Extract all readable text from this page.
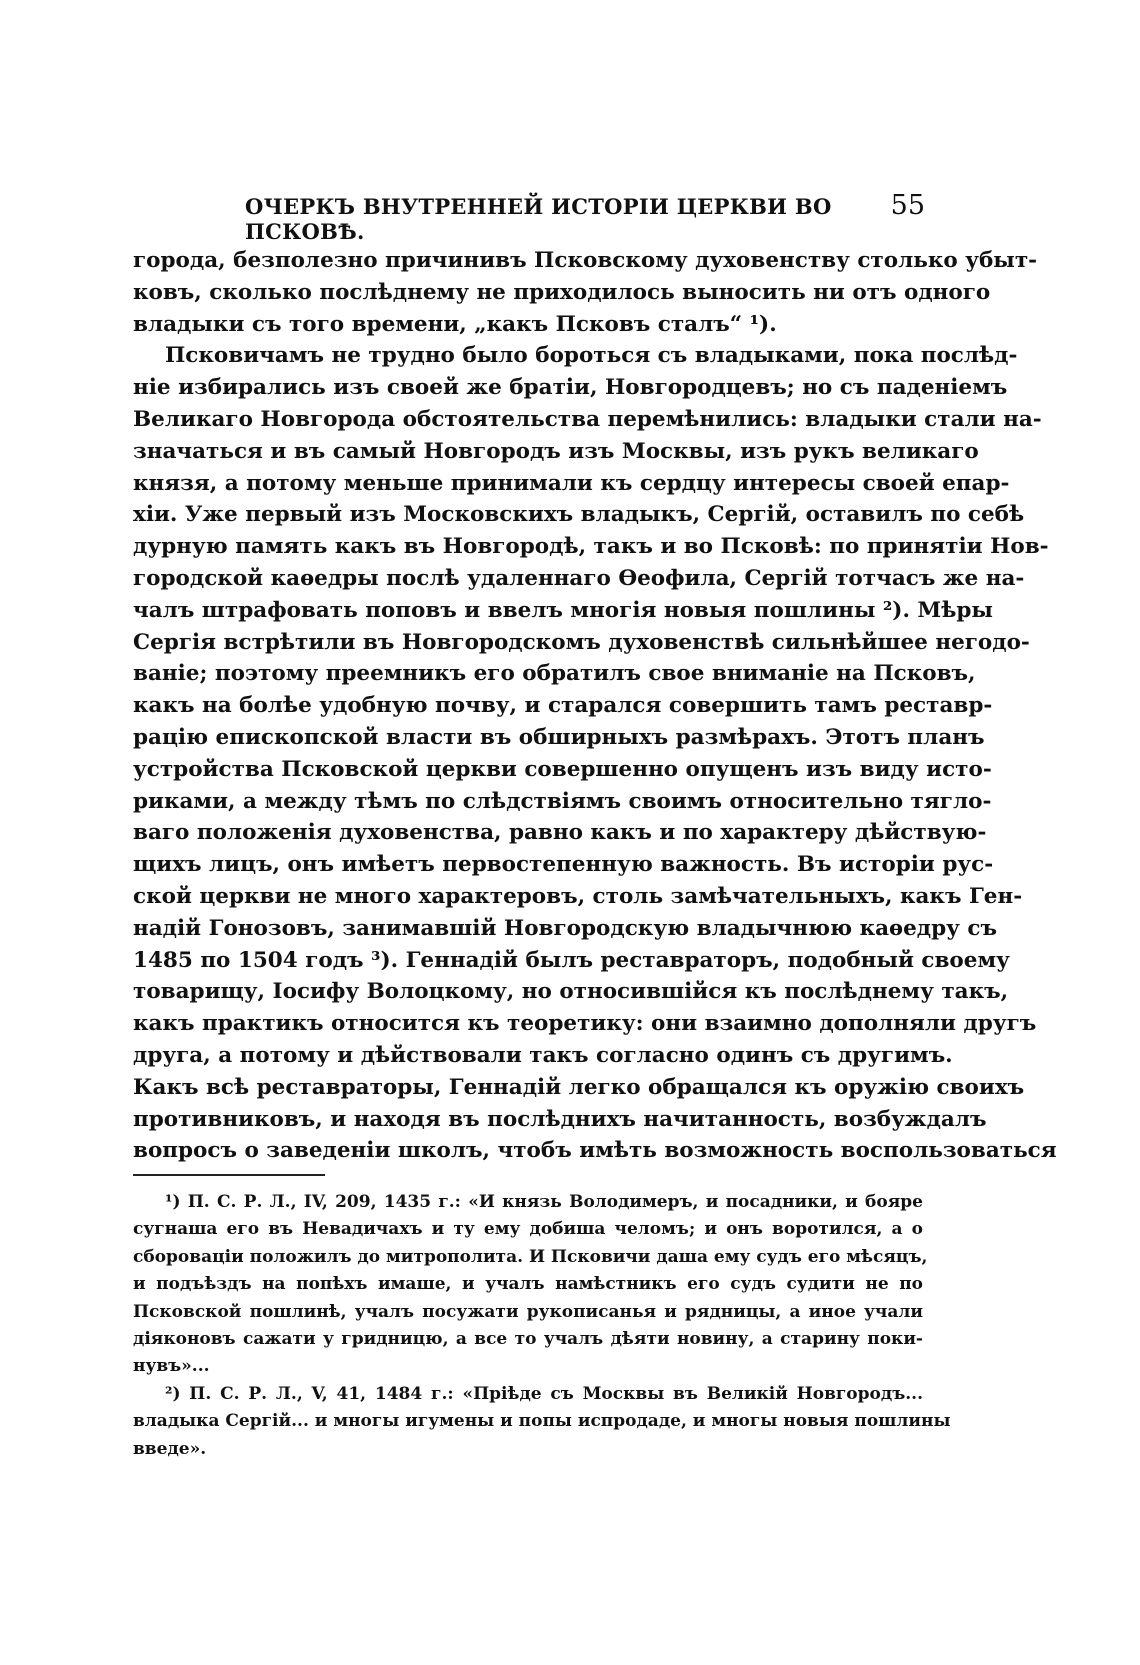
ОЧЕРКЪ ВНУТРЕННЕЙ ИСТОРІИ ЦЕРКВИ ВО ПСКОВѢ.
55
города, безполезно причинивъ Псковскому духовенству столько убыт-
ковъ, сколько послѣднему не приходилось выносить ни отъ одного
владыки съ того времени, „какъ Псковъ сталъ“ ¹).
Псковичамъ не трудно было бороться съ владыками, пока послѣд-
ніе избирались изъ своей же братіи, Новгородцевъ; но съ паденіемъ
Великаго Новгорода обстоятельства перемѣнились: владыки стали на-
значаться и въ самый Новгородъ изъ Москвы, изъ рукъ великаго
князя, а потому меньше принимали къ сердцу интересы своей епар-
хіи. Уже первый изъ Московскихъ владыкъ, Сергій, оставилъ по себѣ
дурную память какъ въ Новгородѣ, такъ и во Псковѣ: по принятіи Нов-
городской каѳедры послѣ удаленнаго Ѳеофила, Сергій тотчасъ же на-
чалъ штрафовать поповъ и ввелъ многія новыя пошлины ²). Мѣры
Сергія встрѣтили въ Новгородскомъ духовенствѣ сильнѣйшее негодо-
ваніе; поэтому преемникъ его обратилъ свое вниманіе на Псковъ,
какъ на болѣе удобную почву, и старался совершить тамъ реставр-
рацію епископской власти въ обширныхъ размѣрахъ. Этотъ планъ
устройства Псковской церкви совершенно опущенъ изъ виду исто-
риками, а между тѣмъ по слѣдствіямъ своимъ относительно тягло-
ваго положенія духовенства, равно какъ и по характеру дѣйствую-
щихъ лицъ, онъ имѣетъ первостепенную важность. Въ исторіи рус-
ской церкви не много характеровъ, столь замѣчательныхъ, какъ Ген-
надій Гонозовъ, занимавшій Новгородскую владычнюю каѳедру съ
1485 по 1504 годъ ³). Геннадій былъ реставраторъ, подобный своему
товарищу, Іосифу Волоцкому, но относившійся къ послѣднему такъ,
какъ практикъ относится къ теоретику: они взаимно дополняли другъ
друга, а потому и дѣйствовали такъ согласно одинъ съ другимъ.
Какъ всѣ реставраторы, Геннадій легко обращался къ оружію своихъ
противниковъ, и находя въ послѣднихъ начитанность, возбуждалъ
вопросъ о заведеніи школъ, чтобъ имѣть возможность воспользоваться
¹) П. С. Р. Л., IV, 209, 1435 г.: «И князь Володимеръ, и посадники, и бояре
сугнаша его въ Невадичахъ и ту ему добиша челомъ; и онъ воротился, а о
сбороваціи положилъ до митрополита. И Псковичи даша ему судъ его мѣсяцъ,
и подъѣздъ на попѣхъ имаше, и учалъ намѣстникъ его судъ судити не по
Псковской пошлинѣ, учалъ посужати рукописанья и рядницы, а иное учали
діяконовъ сажати у гридницю, а все то учалъ дѣяти новину, а старину поки-
нувъ»...
²) П. С. Р. Л., V, 41, 1484 г.: «Пріѣде съ Москвы въ Великій Новгородъ...
владыка Сергій... и многы игумены и попы испродаде, и многы новыя пошлины
введе».
